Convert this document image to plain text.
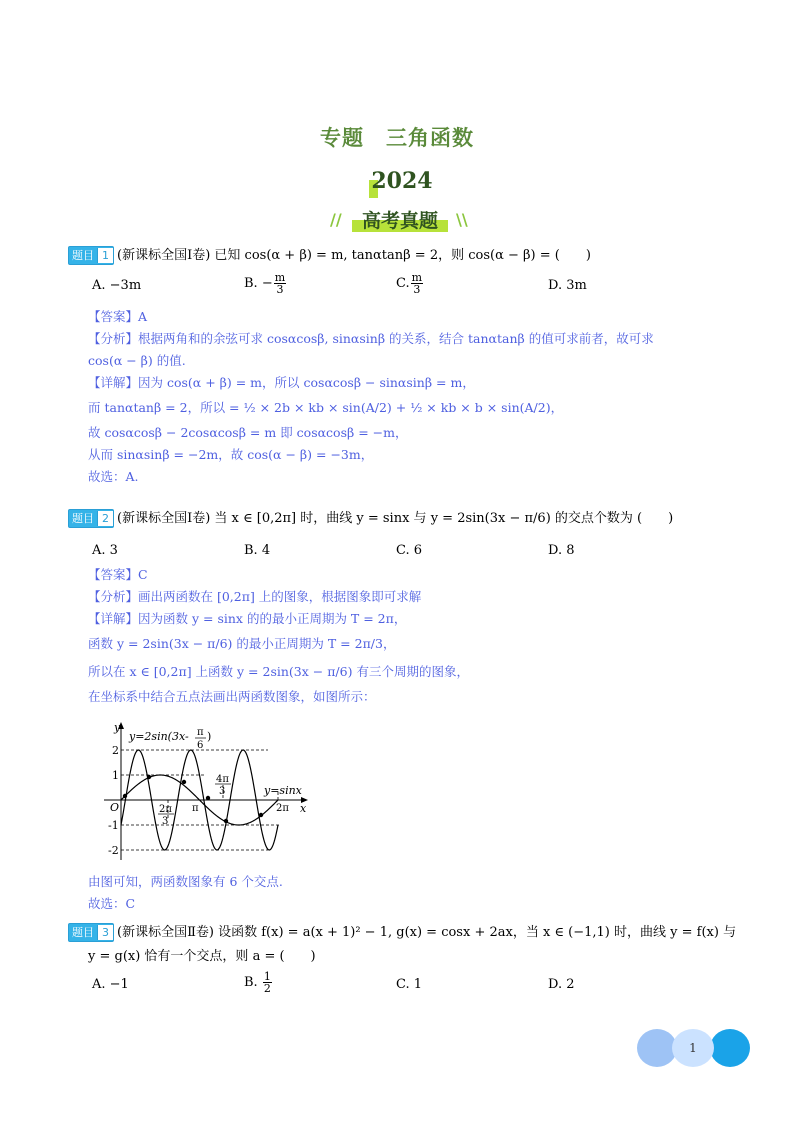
专题　三角函数
2024
//	高考真题	\\
题目 1 (新课标全国Ⅰ卷) 已知 cos(α + β) = m, tanαtanβ = 2，则 cos(α − β) = (　　)
A. −3m	B. − $\frac{m}{3}$	C. $\frac{m}{3}$	D. 3m
【答案】A
【分析】根据两角和的余弦可求 cosαcosβ, sinαsinβ 的关系，结合 tanαtanβ 的值可求前者，故可求
cos(α − β) 的值.
【详解】因为 cos(α + β) = m，所以 cosαcosβ − sinαsinβ = m，
而 tanαtanβ = 2，所以 = ½ × 2b × kb × sin(A/2) + ½ × kb × b × sin(A/2)，
故 cosαcosβ − 2cosαcosβ = m 即 cosαcosβ = −m，
从而 sinαsinβ = −2m，故 cos(α − β) = −3m，
故选：A.
题目 2 (新课标全国Ⅰ卷) 当 x ∈ [0,2π] 时，曲线 y = sinx 与 y = 2sin(3x − π/6) 的交点个数为 (　　)
A. 3	B. 4	C. 6	D. 8
【答案】C
【分析】画出两函数在 [0,2π] 上的图象，根据图象即可求解
【详解】因为函数 y = sinx 的的最小正周期为 T = 2π，
函数 y = 2sin(3x − π/6) 的最小正周期为 T = 2π/3，
所以在 x ∈ [0,2π] 上函数 y = 2sin(3x − π/6) 有三个周期的图象，
在坐标系中结合五点法画出两函数图象，如图所示：
y=2sin(3x- π
6
)
y=sinx
y
x
O
2
1
-1
-2
2π
3
π
4π
3
2π
由图可知，两函数图象有 6 个交点.
故选：C
题目 3 (新课标全国Ⅱ卷) 设函数 f(x) = a(x + 1)² − 1, g(x) = cosx + 2ax，当 x ∈ (−1,1) 时，曲线 y = f(x) 与
y = g(x) 恰有一个交点，则 a = (　　)
A. −1	B. $\frac{1}{2}$	C. 1	D. 2
1
